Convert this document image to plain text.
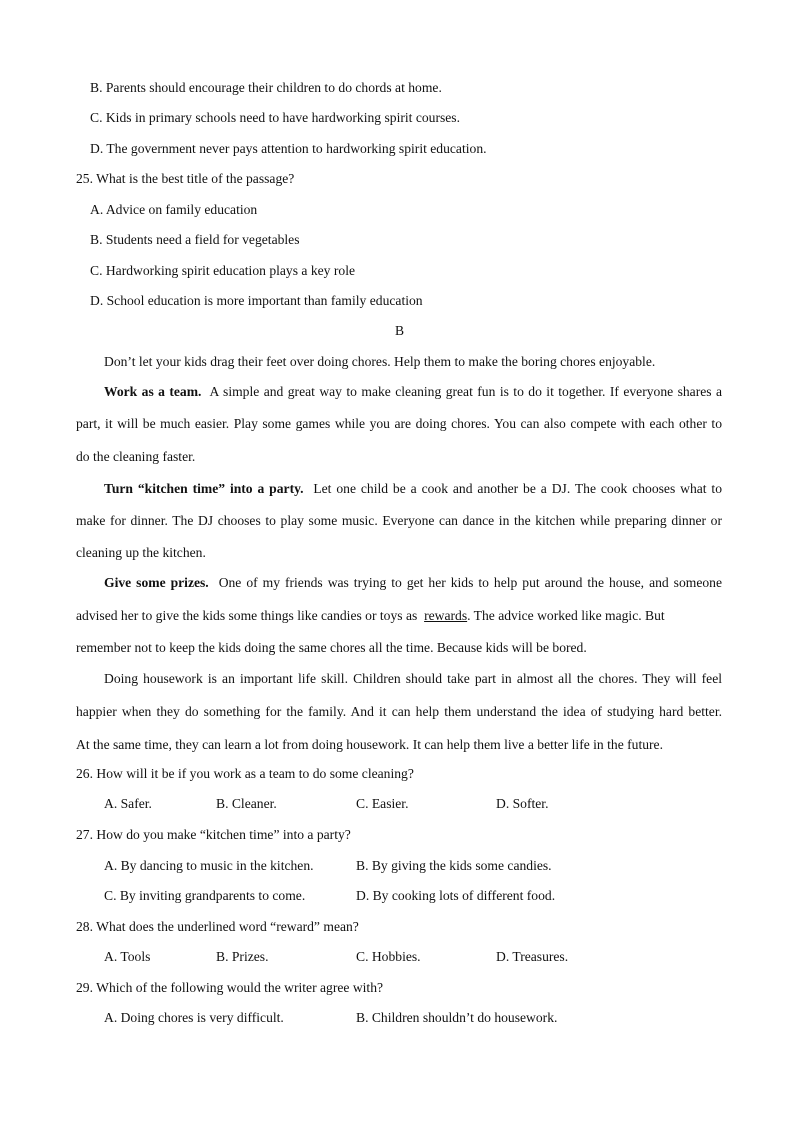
B. Parents should encourage their children to do chords at home.
C. Kids in primary schools need to have hardworking spirit courses.
D. The government never pays attention to hardworking spirit education.
25. What is the best title of the passage?
A. Advice on family education
B. Students need a field for vegetables
C. Hardworking spirit education plays a key role
D. School education is more important than family education
B
Don’t let your kids drag their feet over doing chores. Help them to make the boring chores enjoyable.
Work as a team. A simple and great way to make cleaning great fun is to do it together. If everyone shares a
part, it will be much easier. Play some games while you are doing chores. You can also compete with each other to
do the cleaning faster.
Turn “kitchen time” into a party. Let one child be a cook and another be a DJ. The cook chooses what to
make for dinner. The DJ chooses to play some music. Everyone can dance in the kitchen while preparing dinner or
cleaning up the kitchen.
Give some prizes. One of my friends was trying to get her kids to help put around the house, and someone
advised her to give the kids some things like candies or toys as rewards. The advice worked like magic. But
remember not to keep the kids doing the same chores all the time. Because kids will be bored.
Doing housework is an important life skill. Children should take part in almost all the chores. They will feel
happier when they do something for the family. And it can help them understand the idea of studying hard better.
At the same time, they can learn a lot from doing housework. It can help them live a better life in the future.
26. How will it be if you work as a team to do some cleaning?
A. Safer.	B. Cleaner.	C. Easier.	D. Softer.
27. How do you make “kitchen time” into a party?
A. By dancing to music in the kitchen.	B. By giving the kids some candies.
C. By inviting grandparents to come.	D. By cooking lots of different food.
28. What does the underlined word “reward” mean?
A. Tools	B. Prizes.	C. Hobbies.	D. Treasures.
29. Which of the following would the writer agree with?
A. Doing chores is very difficult.	B. Children shouldn’t do housework.
